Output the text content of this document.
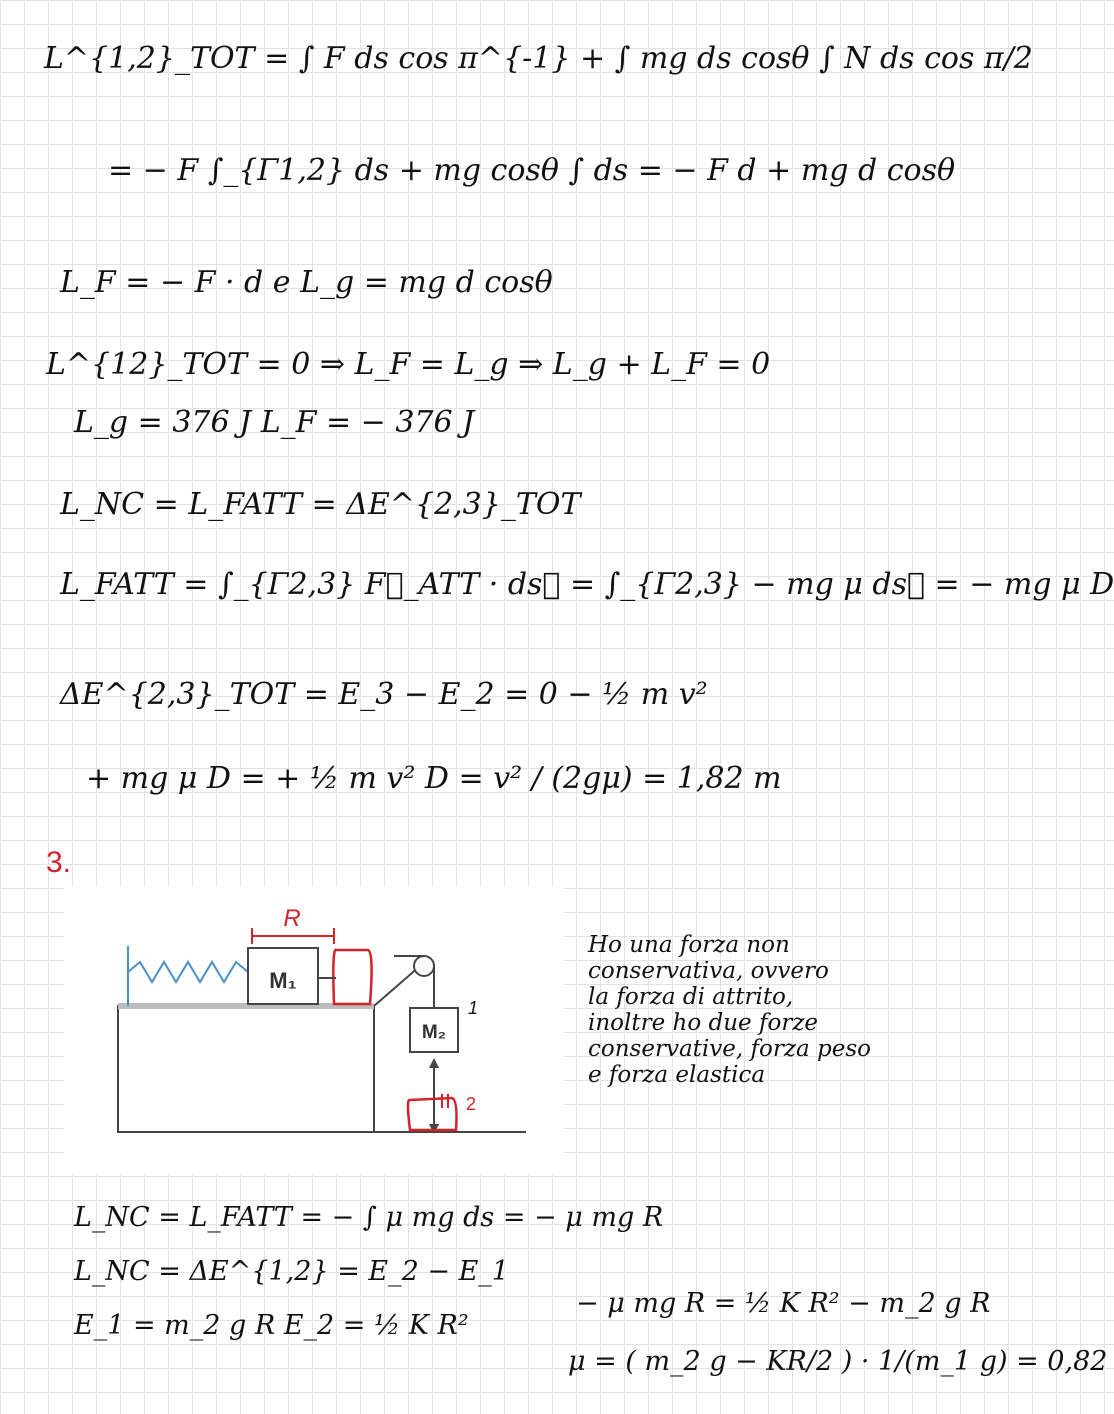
L^{1,2}_TOT = ∫ F ds cos π^{-1} + ∫ mg ds cosθ ∫ N ds cos π/2
= − F ∫_{Γ1,2} ds + mg cosθ ∫ ds = − F d + mg d cosθ
L_F = − F · d e L_g = mg d cosθ
L^{12}_TOT = 0 ⇒ L_F = L_g ⇒ L_g + L_F = 0
L_g = 376 J L_F = − 376 J
L_NC = L_FATT = ΔE^{2,3}_TOT
L_FATT = ∫_{Γ2,3} F⃗_ATT · ds⃗ = ∫_{Γ2,3} − mg μ ds⃗ = − mg μ D
ΔE^{2,3}_TOT = E_3 − E_2 = 0 − ½ m v²
+ mg μ D = + ½ m v² D = v² / (2gμ) = 1,82 m
3.
M₁
R
M₂
1
2
Ho una forza non
conservativa, ovvero
la forza di attrito,
inoltre ho due forze
conservative, forza peso
e forza elastica
L_NC = L_FATT = − ∫ μ mg ds = − μ mg R
L_NC = ΔE^{1,2} = E_2 − E_1
E_1 = m_2 g R E_2 = ½ K R²
− μ mg R = ½ K R² − m_2 g R
μ = ( m_2 g − KR/2 ) · 1/(m_1 g) = 0,82
